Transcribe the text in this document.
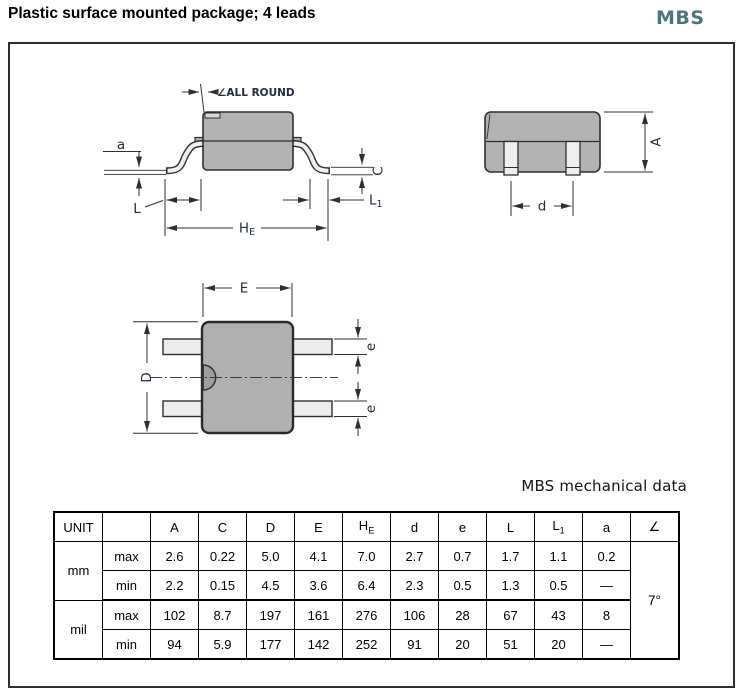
Plastic surface mounted package; 4 leads	MBS
∠ALL ROUND
a
L
L1
HE
C
A
d
E
D
e
e
MBS mechanical data
UNIT		A	C	D	E	$H_E$	d	e	L	$L_1$	a	∠
mm	max	2.6	0.22	5.0	4.1	7.0	2.7	0.7	1.7	1.1	0.2	7°
	min	2.2	0.15	4.5	3.6	6.4	2.3	0.5	1.3	0.5	—	
mil	max	102	8.7	197	161	276	106	28	67	43	8	
	min	94	5.9	177	142	252	91	20	51	20	—	
